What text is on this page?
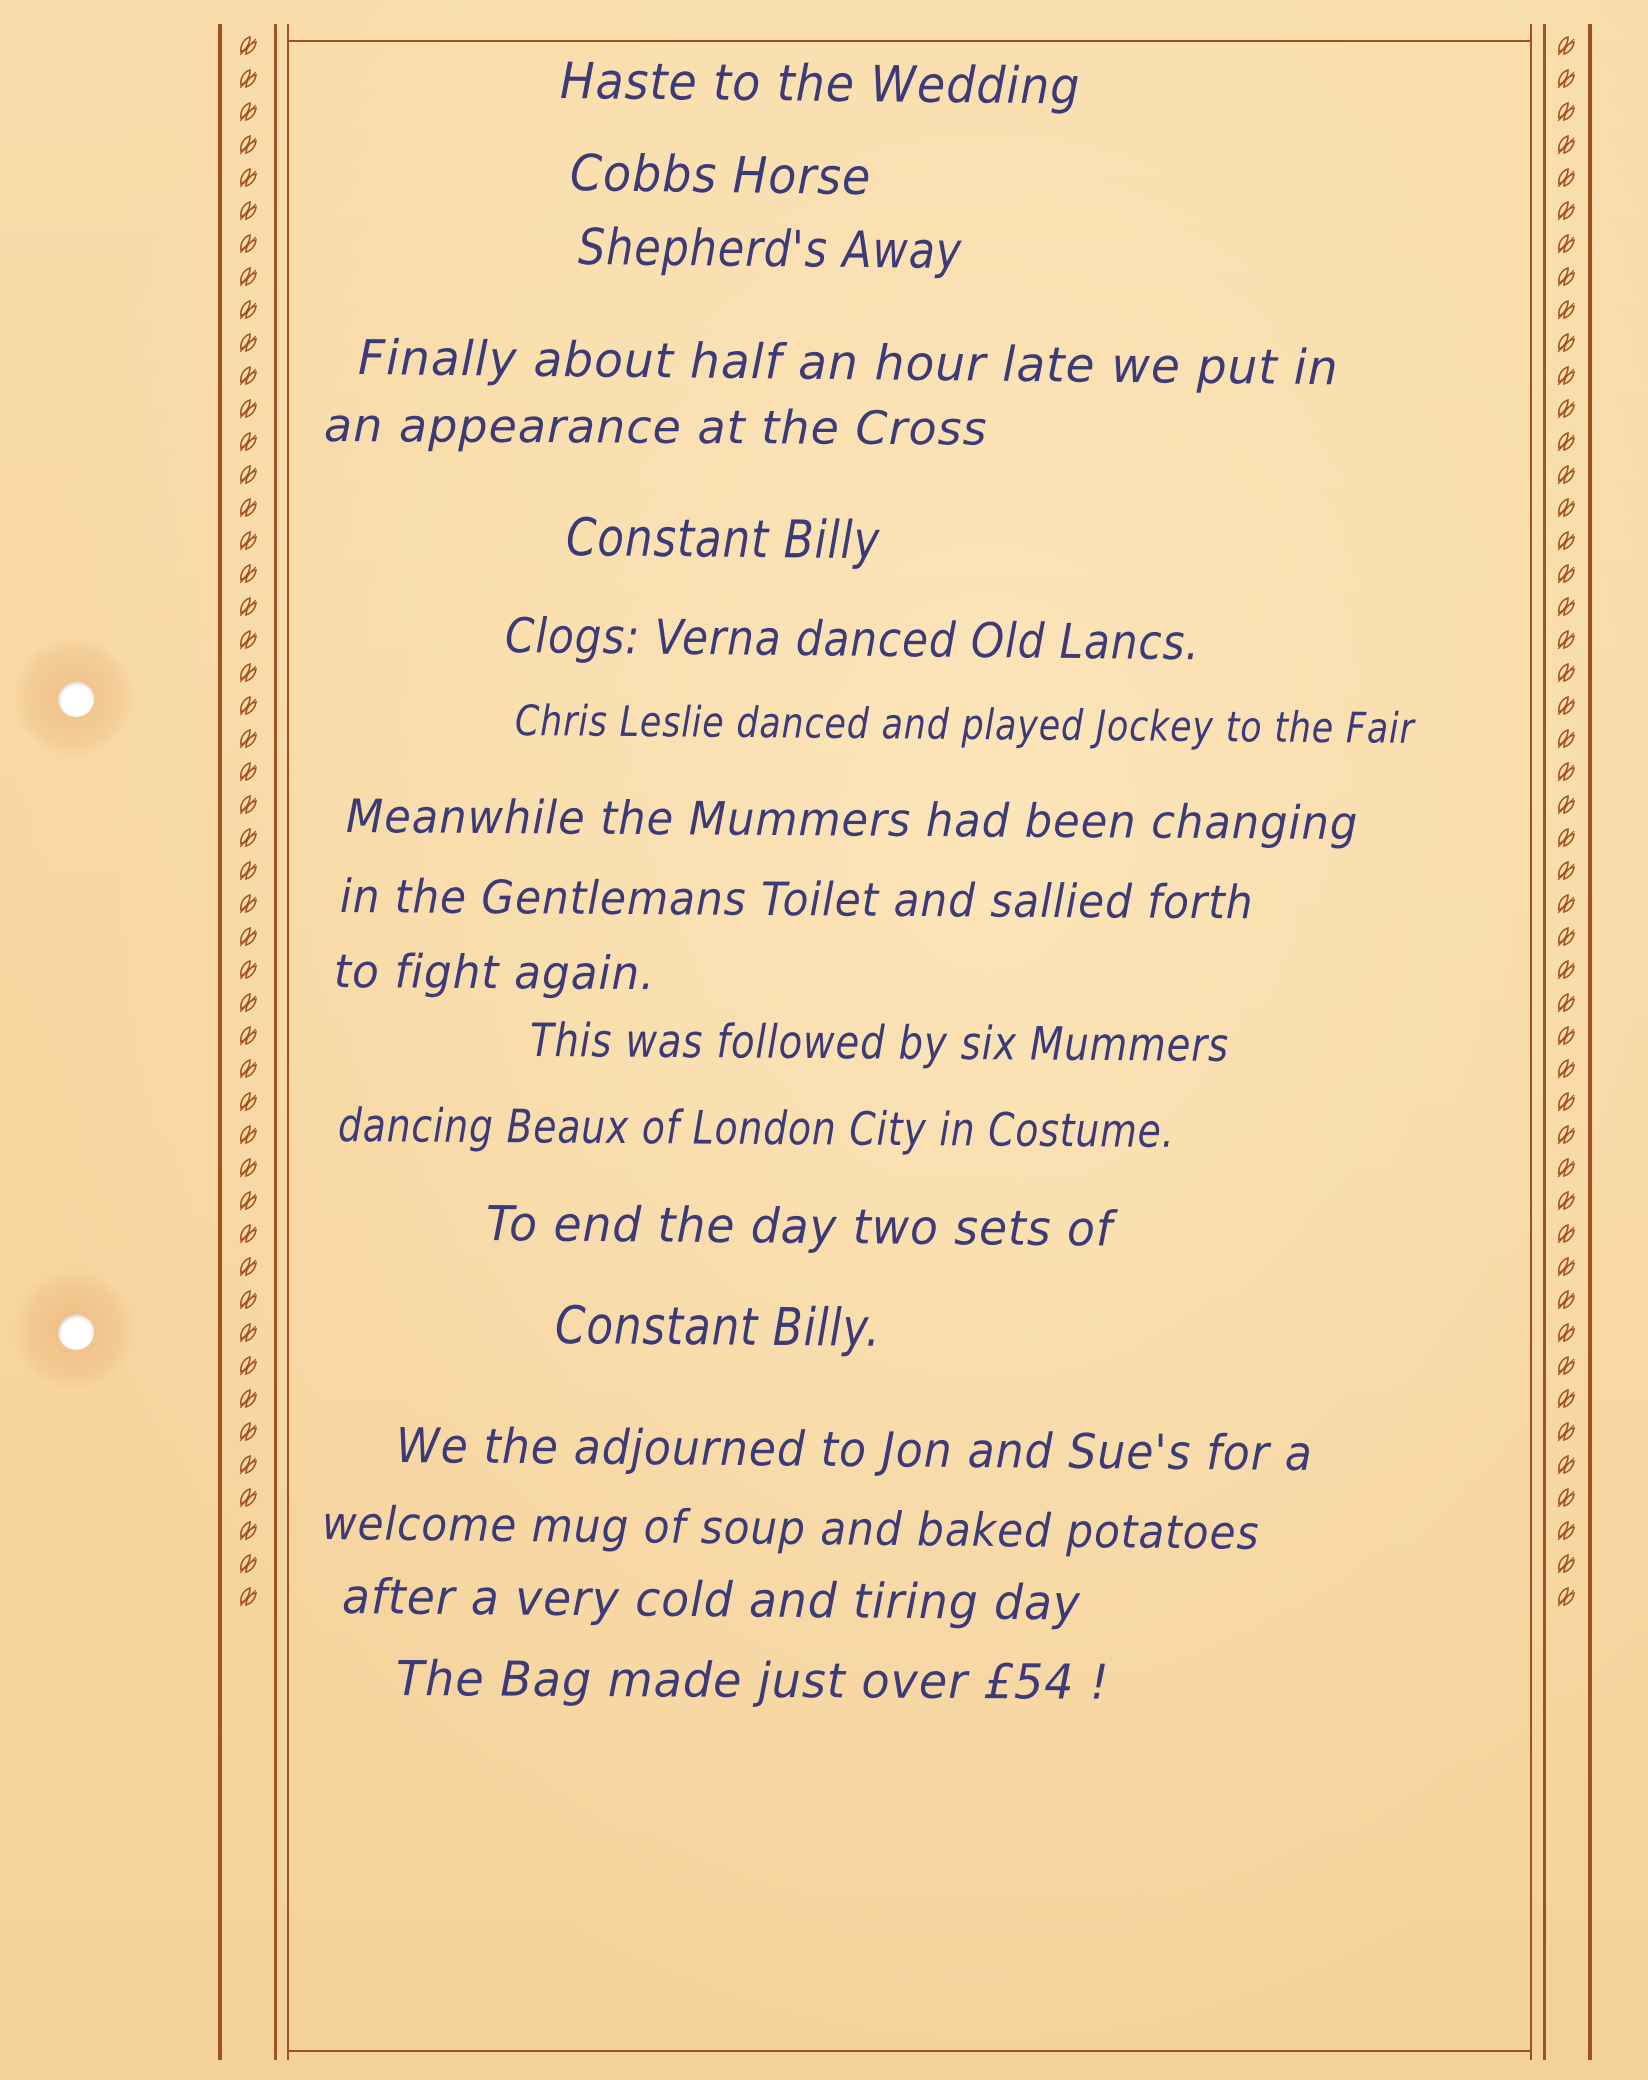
Haste to the Wedding

Cobbs Horse

Shepherd's Away

Finally about half an hour late we put in

an appearance at the Cross

Constant Billy

Clogs: Verna danced Old Lancs.

Chris Leslie danced and played Jockey to the Fair

Meanwhile the Mummers had been changing

in the Gentlemans Toilet and sallied forth

to fight again.

This was followed by six Mummers

dancing Beaux of London City in Costume.

To end the day two sets of

Constant Billy.

We the adjourned to Jon and Sue's for a

welcome mug of soup and baked potatoes

after a very cold and tiring day

The Bag made just over £54 !
